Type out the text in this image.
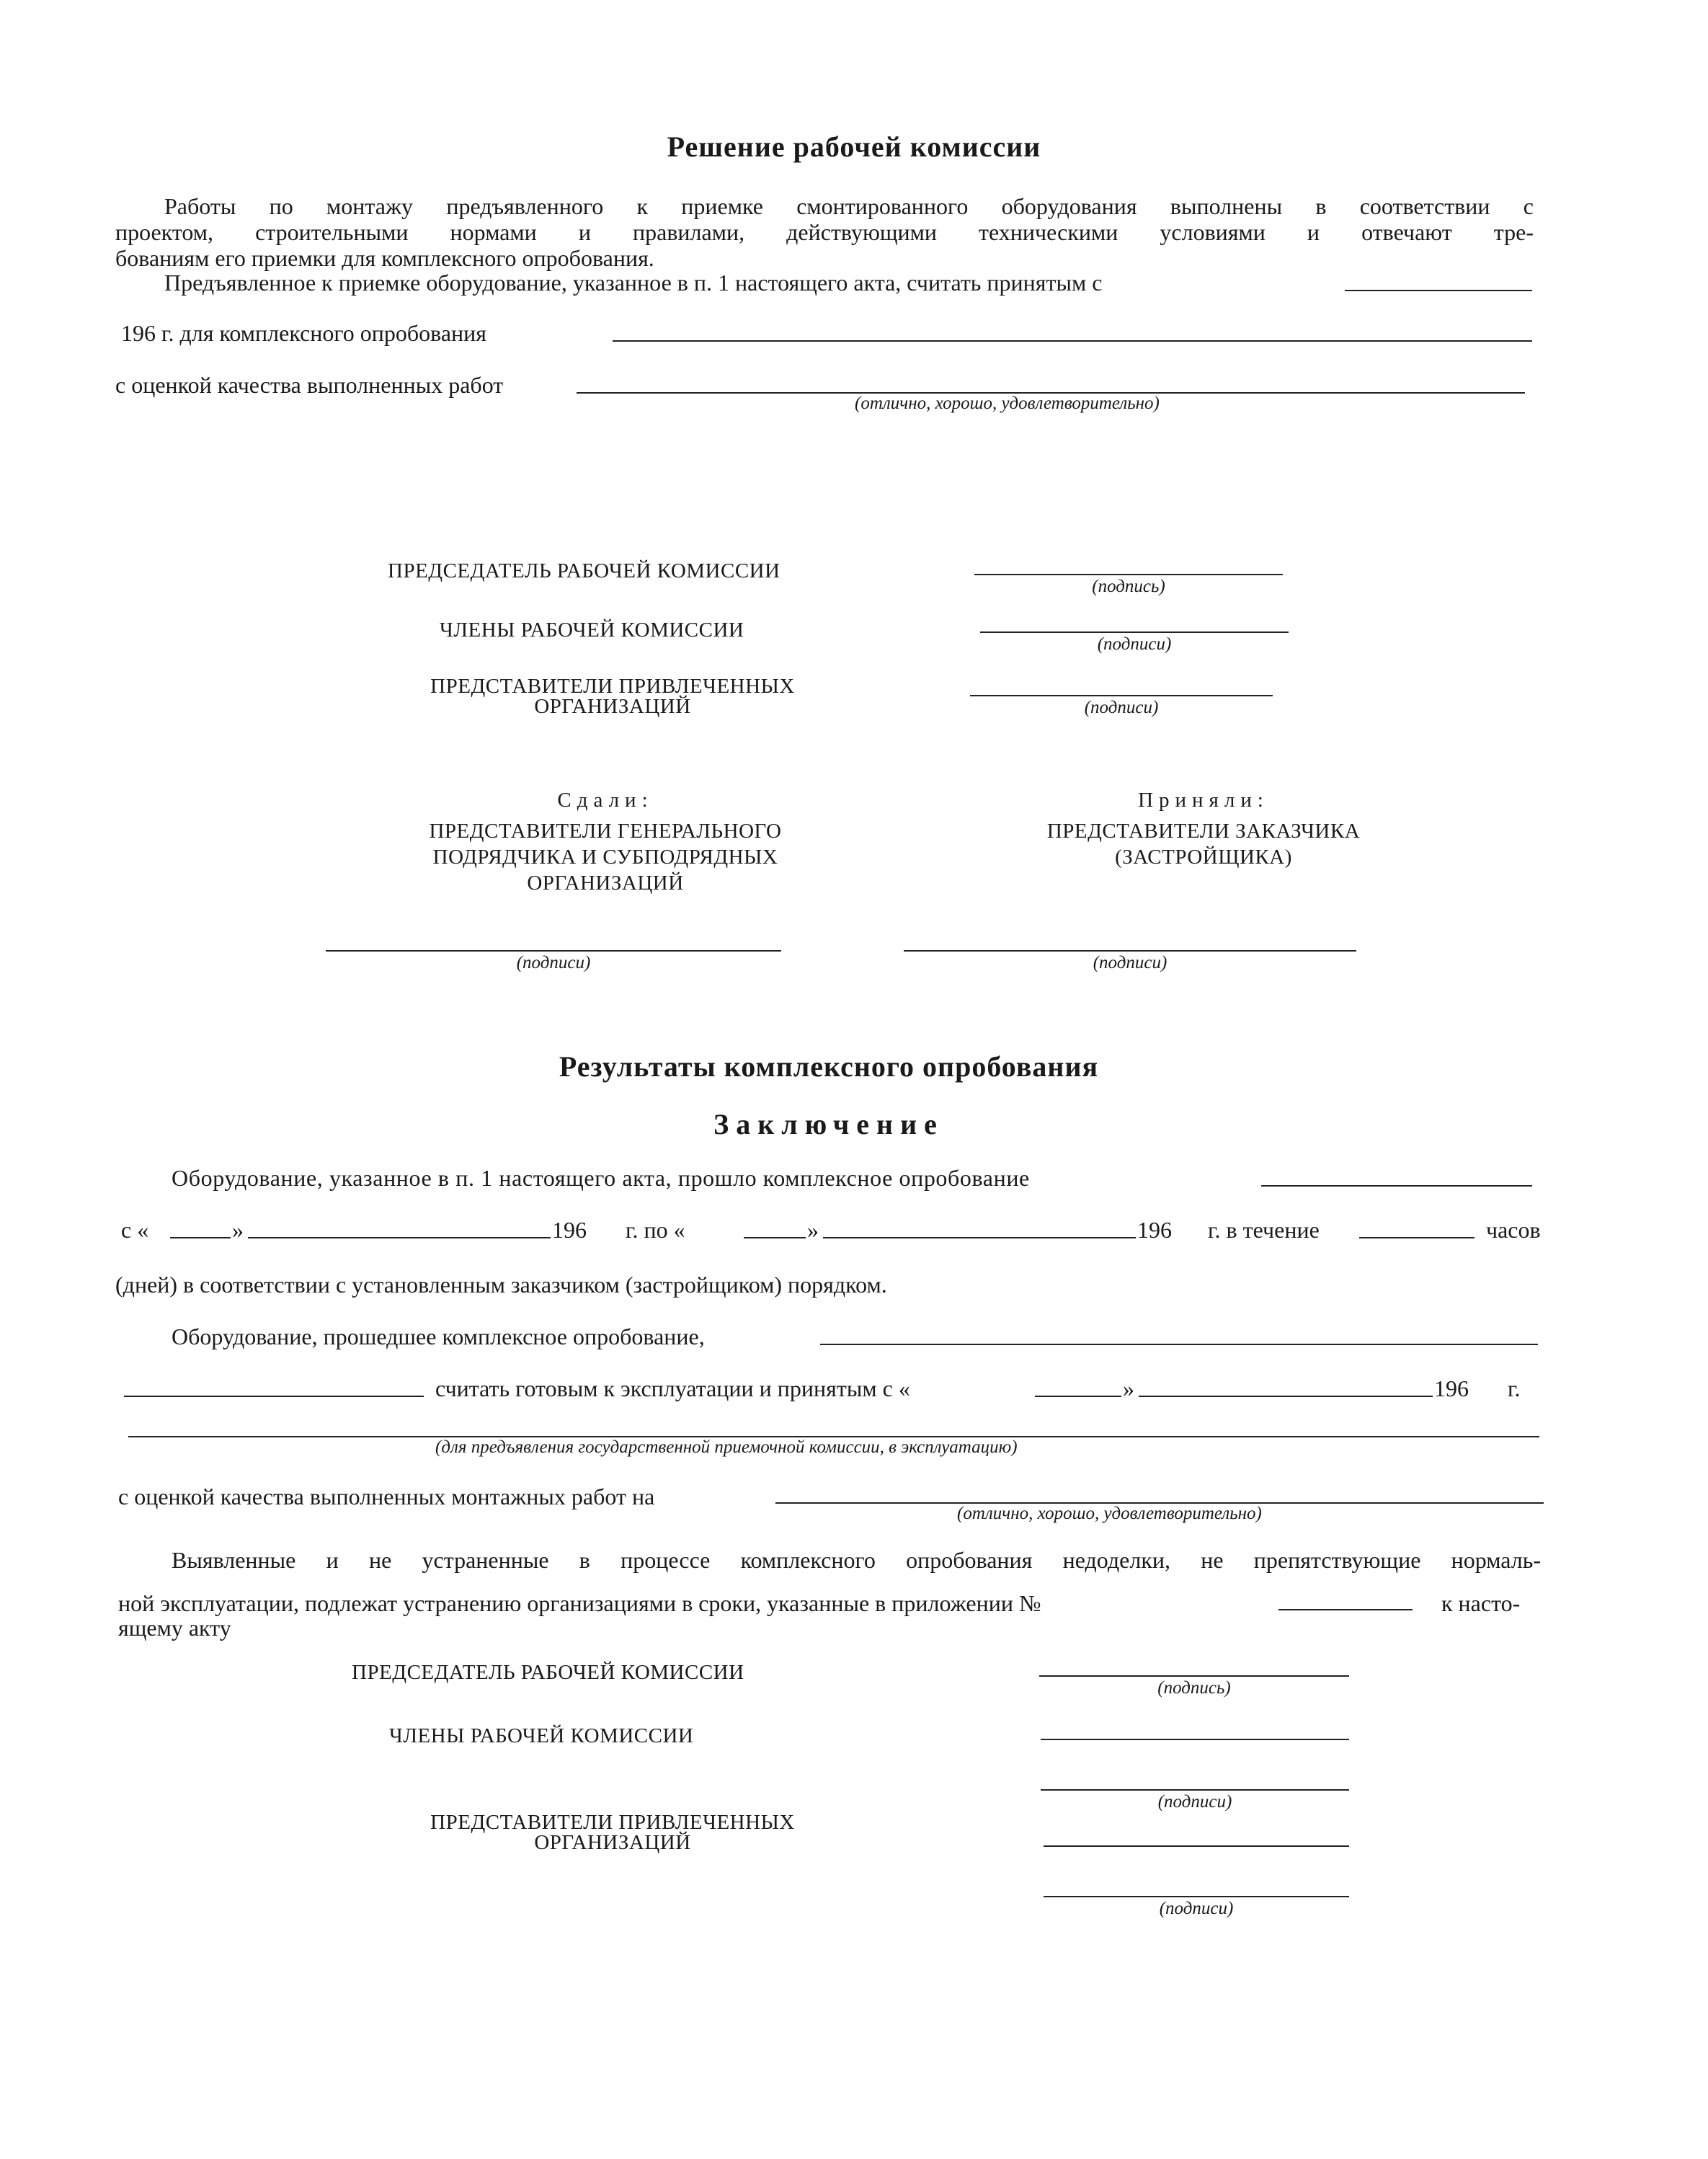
Решение рабочей комиссии
Работы по монтажу предъявленного к приемке смонтированного оборудования выполнены в соответствии с
проектом, строительными нормами и правилами, действующими техническими условиями и отвечают тре-
бованиям его приемки для комплексного опробования.
Предъявленное к приемке оборудование, указанное в п. 1 настоящего акта, считать принятым с
196 г. для комплексного опробования
с оценкой качества выполненных работ
(отлично, хорошо, удовлетворительно)
ПРЕДСЕДАТЕЛЬ РАБОЧЕЙ КОМИССИИ
(подпись)
ЧЛЕНЫ РАБОЧЕЙ КОМИССИИ
(подписи)
ПРЕДСТАВИТЕЛИ ПРИВЛЕЧЕННЫХ
ОРГАНИЗАЦИЙ	(подписи)
Сдали:
ПРЕДСТАВИТЕЛИ ГЕНЕРАЛЬНОГО
ПОДРЯДЧИКА И СУБПОДРЯДНЫХ
ОРГАНИЗАЦИЙ
Приняли:
ПРЕДСТАВИТЕЛИ ЗАКАЗЧИКА
(ЗАСТРОЙЩИКА)
(подписи)	(подписи)
Результаты комплексного опробования
Заключение
Оборудование, указанное в п. 1 настоящего акта, прошло комплексное опробование
с «	»	196 г. по «	»	196 г. в течение	часов
(дней) в соответствии с установленным заказчиком (застройщиком) порядком.
Оборудование, прошедшее комплексное опробование,
считать готовым к эксплуатации и принятым с «	»	196 г.
(для предъявления государственной приемочной комиссии, в эксплуатацию)
с оценкой качества выполненных монтажных работ на
(отлично, хорошо, удовлетворительно)
Выявленные и не устраненные в процессе комплексного опробования недоделки, не препятствующие нормаль-
ной эксплуатации, подлежат устранению организациями в сроки, указанные в приложении №	к насто-
ящему акту
ПРЕДСЕДАТЕЛЬ РАБОЧЕЙ КОМИССИИ
(подпись)
ЧЛЕНЫ РАБОЧЕЙ КОМИССИИ
(подписи)
ПРЕДСТАВИТЕЛИ ПРИВЛЕЧЕННЫХ
ОРГАНИЗАЦИЙ
(подписи)
